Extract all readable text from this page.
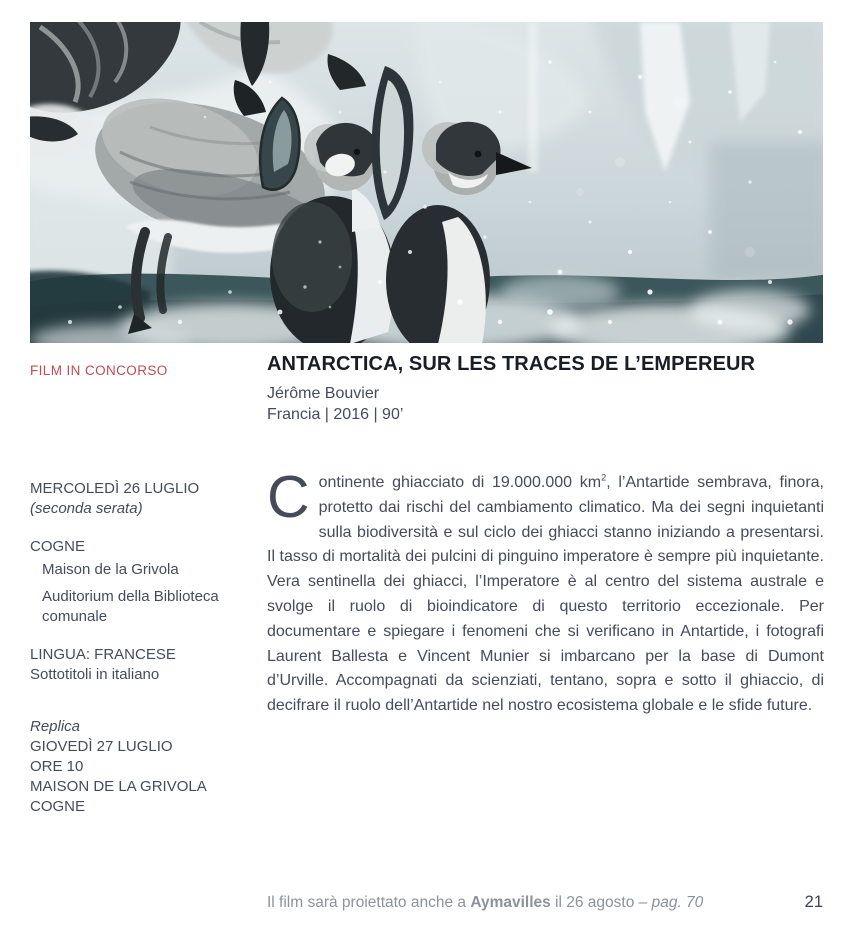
FILM IN CONCORSO	ANTARCTICA, SUR LES TRACES DE L’EMPEREUR
Jérôme Bouvier
Francia | 2016 | 90’
MERCOLEDÌ 26 LUGLIO
(seconda serata)
COGNE
Maison de la Grivola
Auditorium della Biblioteca comunale
LINGUA: FRANCESE
Sottotitoli in italiano
Replica
GIOVEDÌ 27 LUGLIO
ORE 10
MAISON DE LA GRIVOLA
COGNE

Continente ghiacciato di 19.000.000 $km^2$, l’Antartide sembrava, finora, protetto dai rischi del cambiamento climatico. Ma dei segni inquietanti sulla biodiversità e sul ciclo dei ghiacci stanno iniziando a presentarsi. Il tasso di mortalità dei pulcini di pinguino imperatore è sempre più inquietante. Vera sentinella dei ghiacci, l’Imperatore è al centro del sistema australe e svolge il ruolo di bioindicatore di questo territorio eccezionale. Per documentare e spiegare i fenomeni che si verificano in Antartide, i fotografi Laurent Ballesta e Vincent Munier si imbarcano per la base di Dumont d’Urville. Accompagnati da scienziati, tentano, sopra e sotto il ghiaccio, di decifrare il ruolo dell’Antartide nel nostro ecosistema globale e le sfide future.

Il film sarà proiettato anche a Aymavilles il 26 agosto – pag. 70	21
